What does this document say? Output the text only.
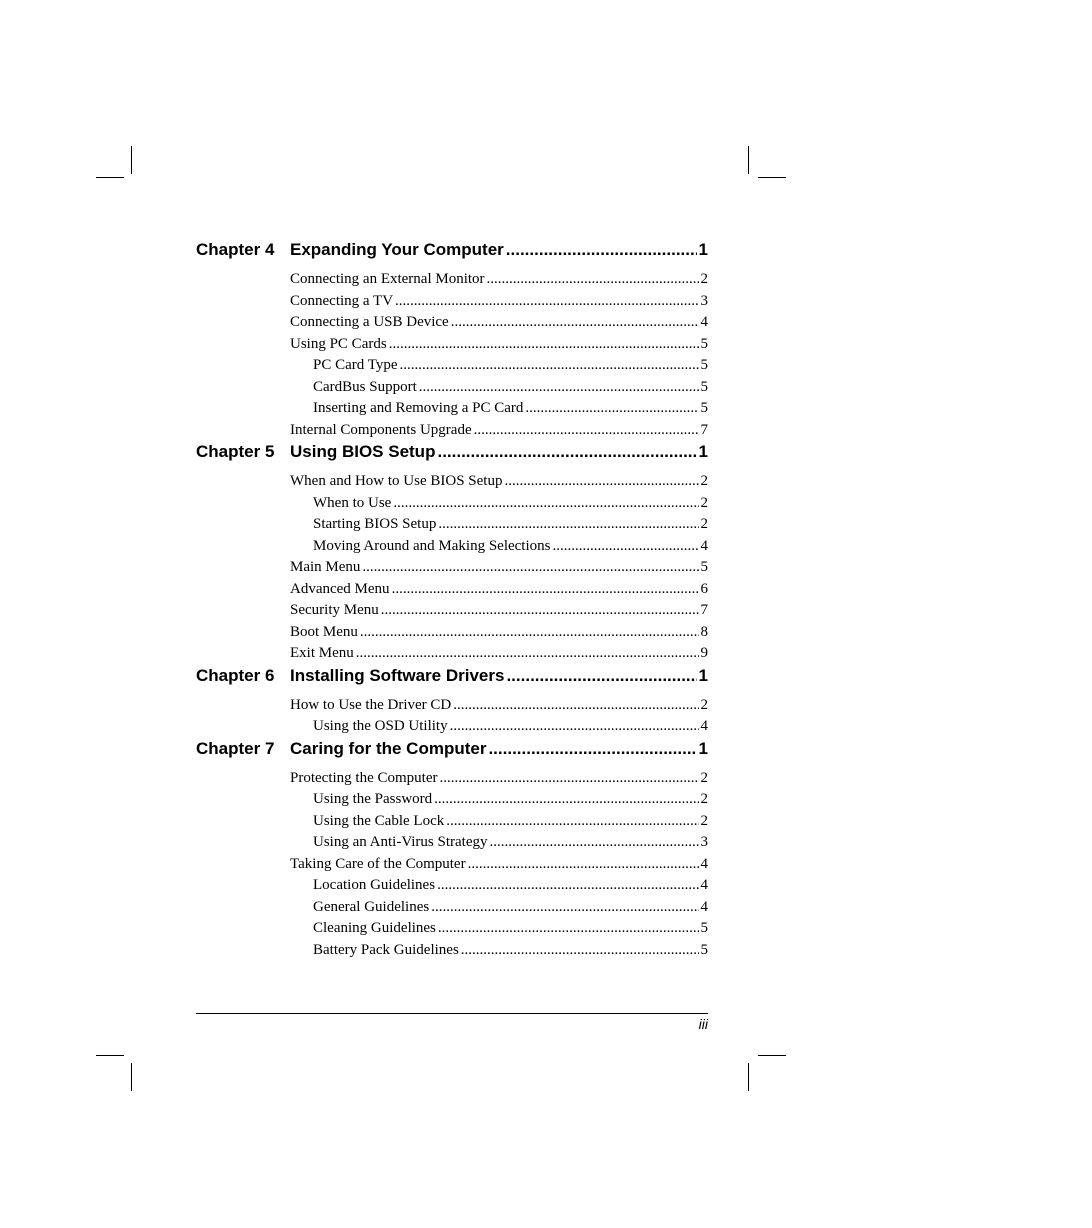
Chapter 4 Expanding Your Computer .....	1
Connecting an External Monitor .....	2
Connecting a TV .....	3
Connecting a USB Device .....	4
Using PC Cards .....	5
PC Card Type .....	5
CardBus Support .....	5
Inserting and Removing a PC Card .....	5
Internal Components Upgrade .....	7
Chapter 5 Using BIOS Setup .....	1
When and How to Use BIOS Setup .....	2
When to Use .....	2
Starting BIOS Setup .....	2
Moving Around and Making Selections .....	4
Main Menu .....	5
Advanced Menu .....	6
Security Menu .....	7
Boot Menu .....	8
Exit Menu .....	9
Chapter 6 Installing Software Drivers .....	1
How to Use the Driver CD .....	2
Using the OSD Utility .....	4
Chapter 7 Caring for the Computer .....	1
Protecting the Computer .....	2
Using the Password .....	2
Using the Cable Lock .....	2
Using an Anti-Virus Strategy .....	3
Taking Care of the Computer .....	4
Location Guidelines .....	4
General Guidelines .....	4
Cleaning Guidelines .....	5
Battery Pack Guidelines .....	5
iii
